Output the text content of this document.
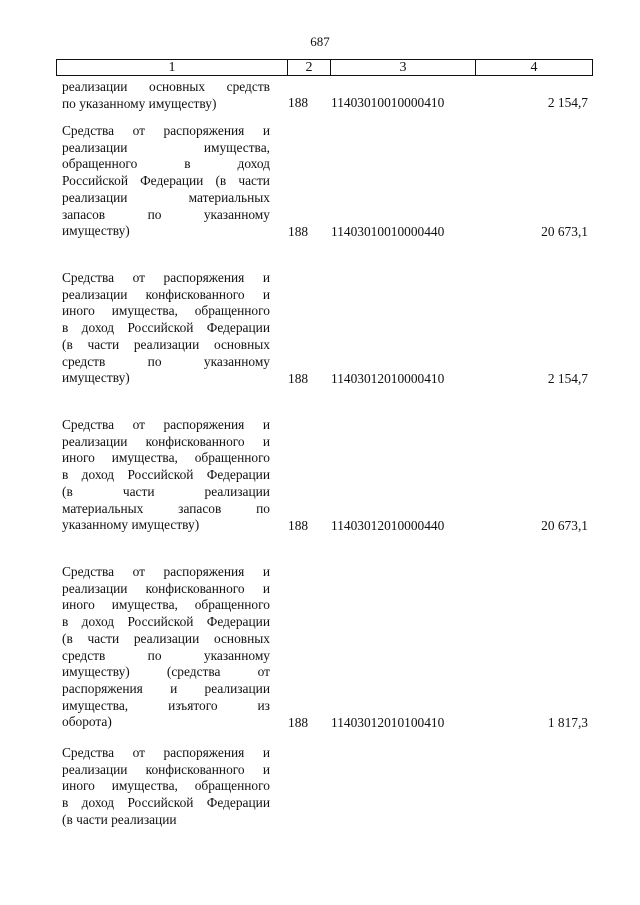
687
1	2	3	4
реализации основных средств
по указанному имуществу)	188	11403010010000410	2 154,7
Средства от распоряжения и
реализации	имущества,
обращенного	в	доход
Российской Федерации (в части
реализации	материальных
запасов	по	указанному
имуществу)	188	11403010010000440	20 673,1
Средства от распоряжения и
реализации конфискованного и
иного имущества, обращенного
в доход Российской Федерации
(в части реализации основных
средств	по	указанному
имуществу)	188	11403012010000410	2 154,7
Средства от распоряжения и
реализации конфискованного и
иного имущества, обращенного
в доход Российской Федерации
(в	части	реализации
материальных	запасов	по
указанному имуществу)	188	11403012010000440	20 673,1
Средства от распоряжения и
реализации конфискованного и
иного имущества, обращенного
в доход Российской Федерации
(в части реализации основных
средств	по	указанному
имуществу)	(средства	от
распоряжения и реализации
имущества,	изъятого	из
оборота)	188	11403012010100410	1 817,3
Средства от распоряжения и
реализации конфискованного и
иного имущества, обращенного
в доход Российской Федерации
(в части реализации
